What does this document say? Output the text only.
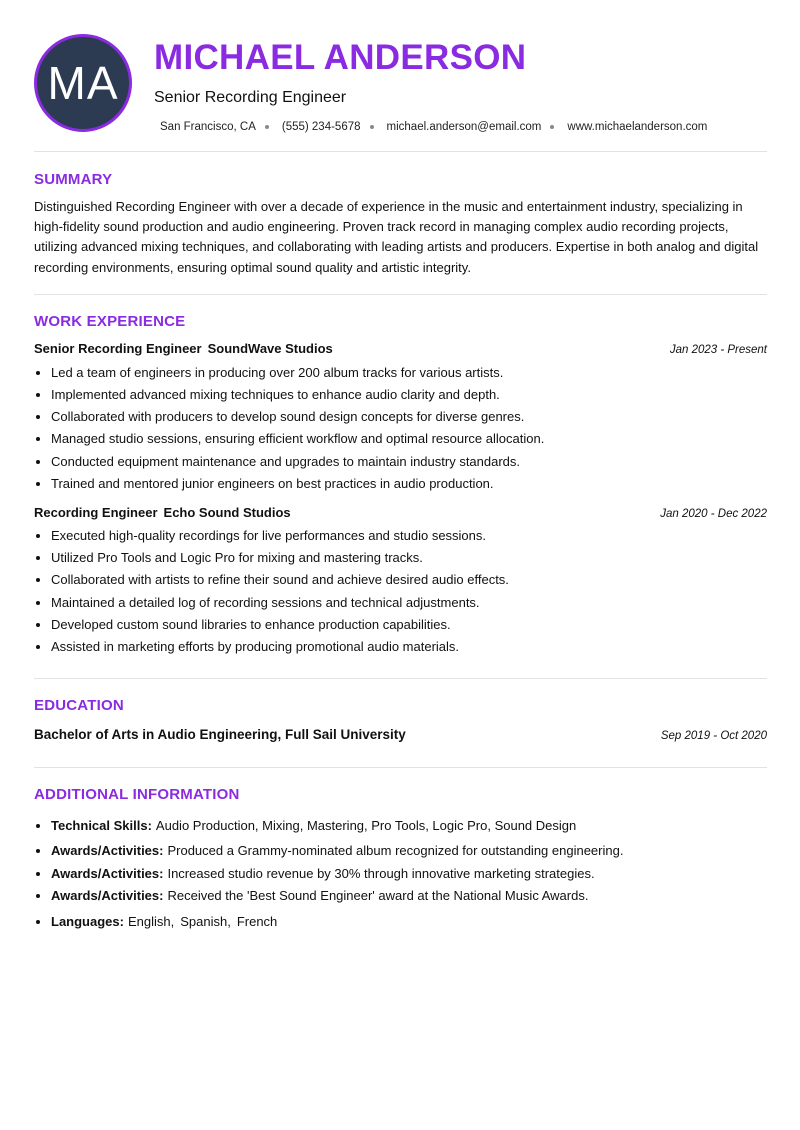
MA MICHAEL ANDERSON
Senior Recording Engineer
San Francisco, CA (555) 234-5678 michael.anderson@email.com www.michaelanderson.com
SUMMARY

Distinguished Recording Engineer with over a decade of experience in the music and entertainment industry, specializing in high-fidelity sound production and audio engineering. Proven track record in managing complex audio recording projects, utilizing advanced mixing techniques, and collaborating with leading artists and producers. Expertise in both analog and digital recording environments, ensuring optimal sound quality and artistic integrity.

WORK EXPERIENCE
Senior Recording Engineer SoundWave Studios	Jan 2023 - Present
• Led a team of engineers in producing over 200 album tracks for various artists.
• Implemented advanced mixing techniques to enhance audio clarity and depth.
• Collaborated with producers to develop sound design concepts for diverse genres.
• Managed studio sessions, ensuring efficient workflow and optimal resource allocation.
• Conducted equipment maintenance and upgrades to maintain industry standards.
• Trained and mentored junior engineers on best practices in audio production.
Recording Engineer Echo Sound Studios	Jan 2020 - Dec 2022
• Executed high-quality recordings for live performances and studio sessions.
• Utilized Pro Tools and Logic Pro for mixing and mastering tracks.
• Collaborated with artists to refine their sound and achieve desired audio effects.
• Maintained a detailed log of recording sessions and technical adjustments.
• Developed custom sound libraries to enhance production capabilities.
• Assisted in marketing efforts by producing promotional audio materials.
EDUCATION
Bachelor of Arts in Audio Engineering, Full Sail University	Sep 2019 - Oct 2020
ADDITIONAL INFORMATION
• Technical Skills: Audio Production, Mixing, Mastering, Pro Tools, Logic Pro, Sound Design
• Awards/Activities: Produced a Grammy-nominated album recognized for outstanding engineering.
• Awards/Activities: Increased studio revenue by 30% through innovative marketing strategies.
• Awards/Activities: Received the 'Best Sound Engineer' award at the National Music Awards.
• Languages: English, Spanish, French
